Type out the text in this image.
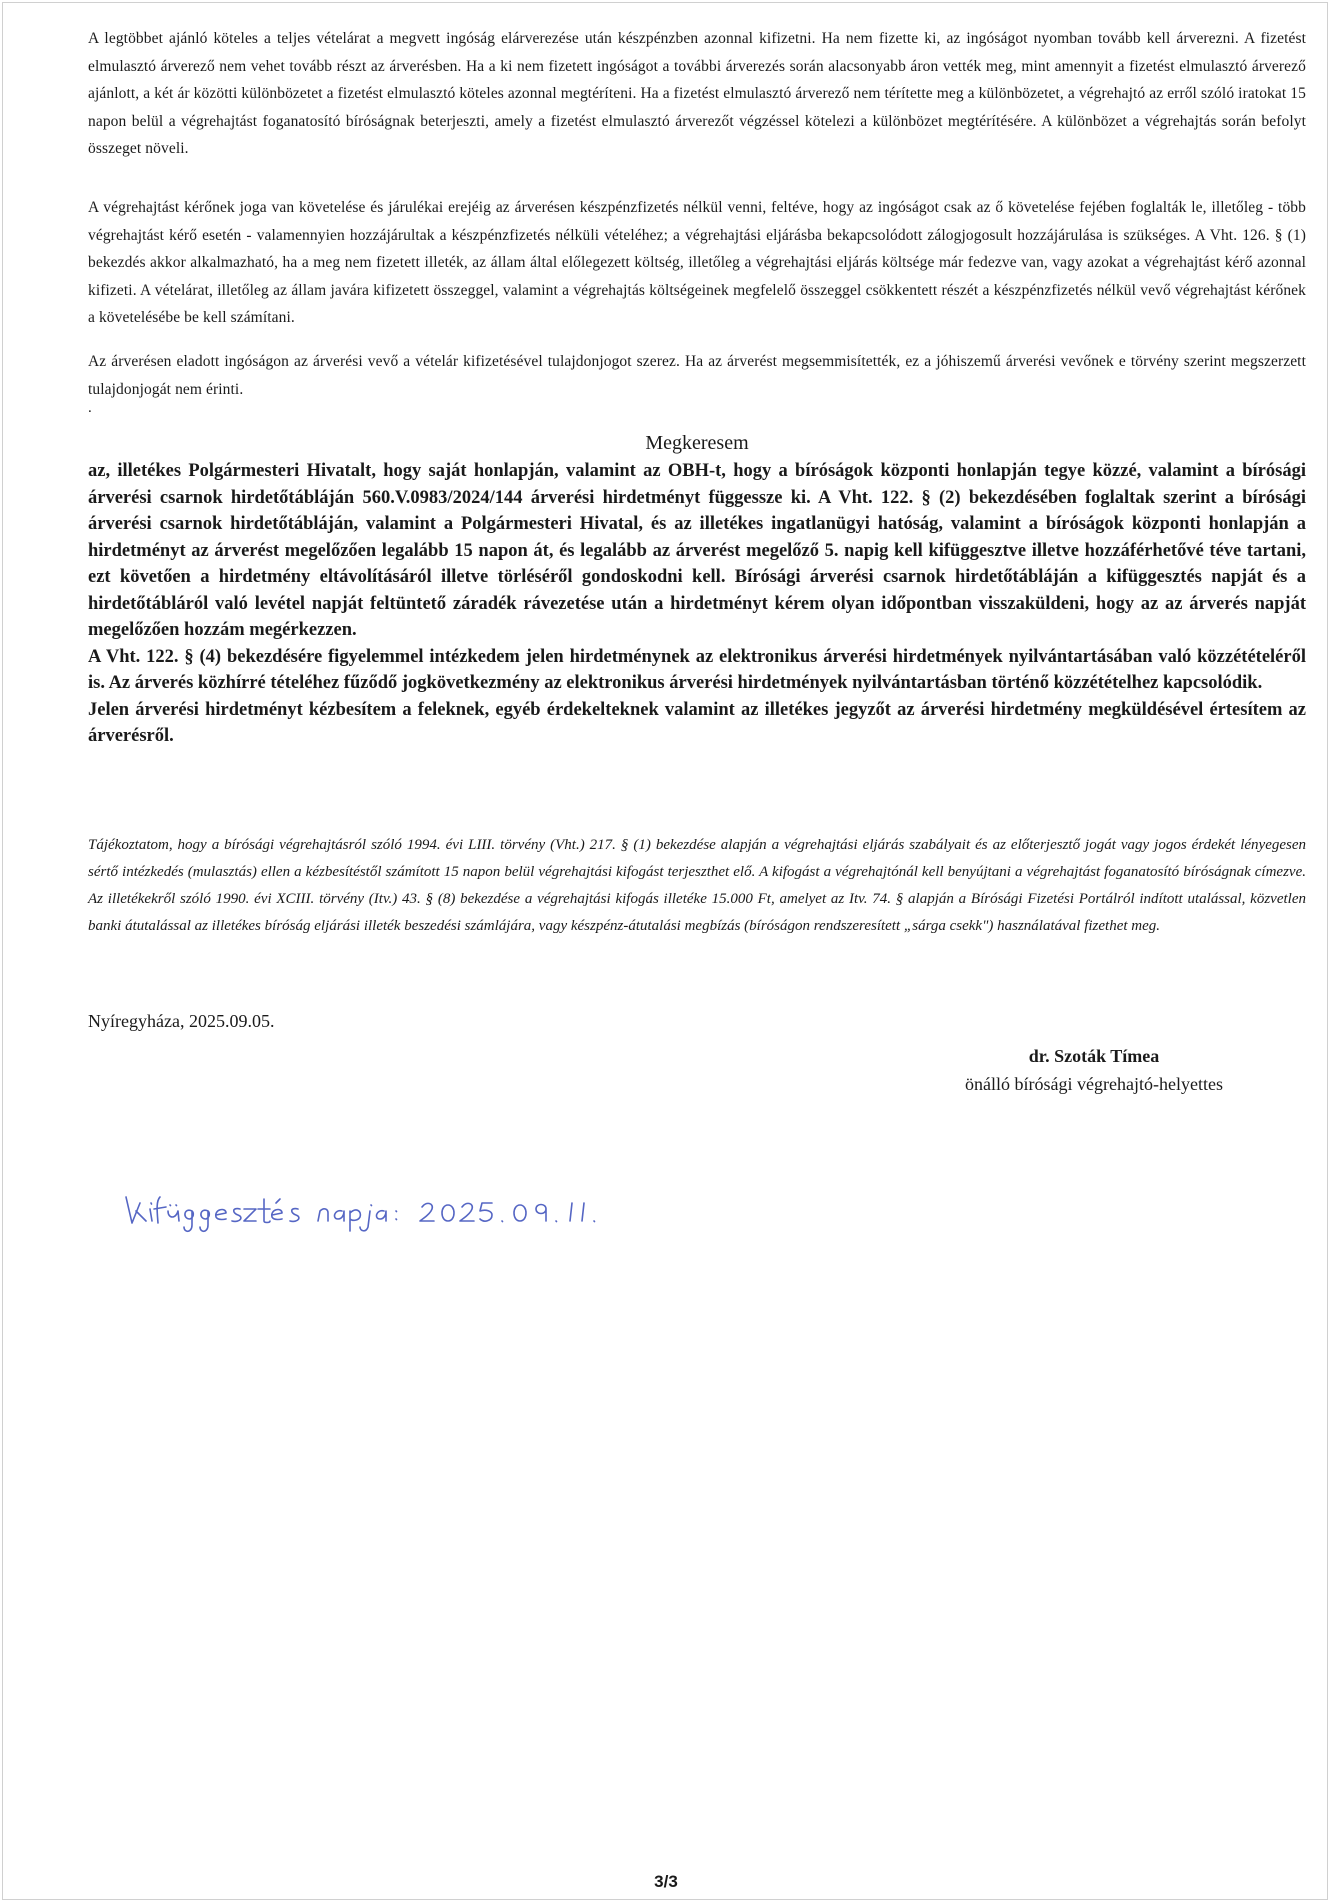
A legtöbbet ajánló köteles a teljes vételárat a megvett ingóság elárverezése után készpénzben azonnal kifizetni. Ha nem fizette ki, az ingóságot nyomban tovább kell árverezni. A fizetést elmulasztó árverező nem vehet tovább részt az árverésben. Ha a ki nem fizetett ingóságot a további árverezés során alacsonyabb áron vették meg, mint amennyit a fizetést elmulasztó árverező ajánlott, a két ár közötti különbözetet a fizetést elmulasztó köteles azonnal megtéríteni. Ha a fizetést elmulasztó árverező nem térítette meg a különbözetet, a végrehajtó az erről szóló iratokat 15 napon belül a végrehajtást foganatosító bíróságnak beterjeszti, amely a fizetést elmulasztó árverezőt végzéssel kötelezi a különbözet megtérítésére. A különbözet a végrehajtás során befolyt összeget növeli.

A végrehajtást kérőnek joga van követelése és járulékai erejéig az árverésen készpénzfizetés nélkül venni, feltéve, hogy az ingóságot csak az ő követelése fejében foglalták le, illetőleg - több végrehajtást kérő esetén - valamennyien hozzájárultak a készpénzfizetés nélküli vételéhez; a végrehajtási eljárásba bekapcsolódott zálogjogosult hozzájárulása is szükséges. A Vht. 126. § (1) bekezdés akkor alkalmazható, ha a meg nem fizetett illeték, az állam által előlegezett költség, illetőleg a végrehajtási eljárás költsége már fedezve van, vagy azokat a végrehajtást kérő azonnal kifizeti. A vételárat, illetőleg az állam javára kifizetett összeggel, valamint a végrehajtás költségeinek megfelelő összeggel csökkentett részét a készpénzfizetés nélkül vevő végrehajtást kérőnek a követelésébe be kell számítani.

Az árverésen eladott ingóságon az árverési vevő a vételár kifizetésével tulajdonjogot szerez. Ha az árverést megsemmisítették, ez a jóhiszemű árverési vevőnek e törvény szerint megszerzett tulajdonjogát nem érinti.

.
Megkeresem

az, illetékes Polgármesteri Hivatalt, hogy saját honlapján, valamint az OBH-t, hogy a bíróságok központi honlapján tegye közzé, valamint a bírósági árverési csarnok hirdetőtábláján 560.V.0983/2024/144 árverési hirdetményt függessze ki. A Vht. 122. § (2) bekezdésében foglaltak szerint a bírósági árverési csarnok hirdetőtábláján, valamint a Polgármesteri Hivatal, és az illetékes ingatlanügyi hatóság, valamint a bíróságok központi honlapján a hirdetményt az árverést megelőzően legalább 15 napon át, és legalább az árverést megelőző 5. napig kell kifüggesztve illetve hozzáférhetővé téve tartani, ezt követően a hirdetmény eltávolításáról illetve törléséről gondoskodni kell. Bírósági árverési csarnok hirdetőtábláján a kifüggesztés napját és a hirdetőtábláról való levétel napját feltüntető záradék rávezetése után a hirdetményt kérem olyan időpontban visszaküldeni, hogy az az árverés napját megelőzően hozzám megérkezzen.

A Vht. 122. § (4) bekezdésére figyelemmel intézkedem jelen hirdetménynek az elektronikus árverési hirdetmények nyilvántartásában való közzétételéről is. Az árverés közhírré tételéhez fűződő jogkövetkezmény az elektronikus árverési hirdetmények nyilvántartásban történő közzétételhez kapcsolódik.

Jelen árverési hirdetményt kézbesítem a feleknek, egyéb érdekelteknek valamint az illetékes jegyzőt az árverési hirdetmény megküldésével értesítem az árverésről.

Tájékoztatom, hogy a bírósági végrehajtásról szóló 1994. évi LIII. törvény (Vht.) 217. § (1) bekezdése alapján a végrehajtási eljárás szabályait és az előterjesztő jogát vagy jogos érdekét lényegesen sértő intézkedés (mulasztás) ellen a kézbesítéstől számított 15 napon belül végrehajtási kifogást terjeszthet elő. A kifogást a végrehajtónál kell benyújtani a végrehajtást foganatosító bíróságnak címezve. Az illetékekről szóló 1990. évi XCIII. törvény (Itv.) 43. § (8) bekezdése a végrehajtási kifogás illetéke 15.000 Ft, amelyet az Itv. 74. § alapján a Bírósági Fizetési Portálról indított utalással, közvetlen banki átutalással az illetékes bíróság eljárási illeték beszedési számlájára, vagy készpénz-átutalási megbízás (bíróságon rendszeresített „sárga csekk") használatával fizethet meg.

Nyíregyháza, 2025.09.05.
dr. Szoták Tímea
önálló bírósági végrehajtó-helyettes
3/3
